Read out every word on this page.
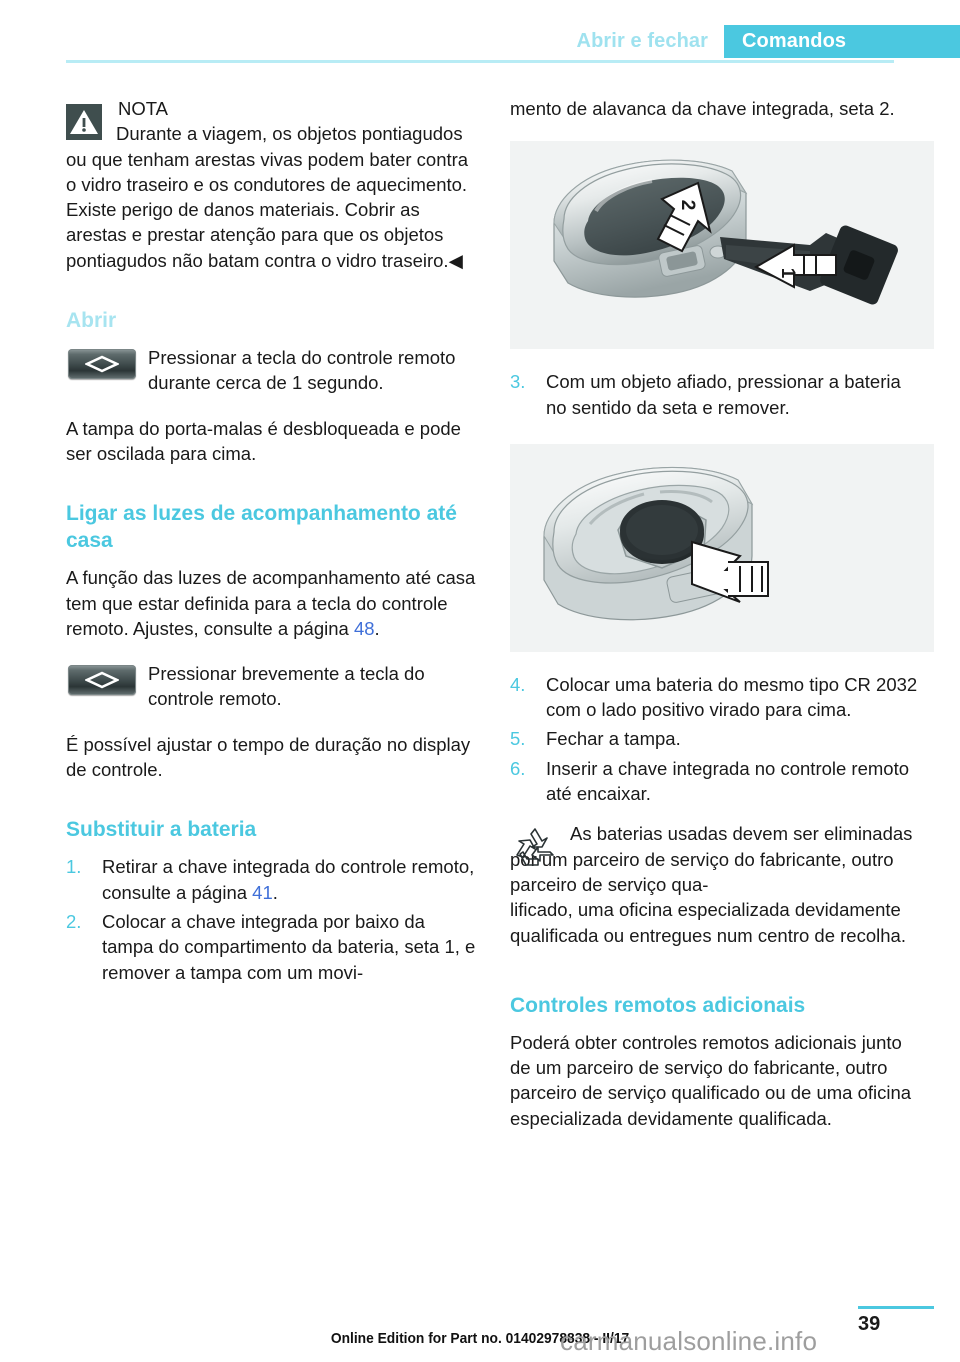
Abrir e fechar	Comandos

NOTA

Durante a viagem, os objetos pontiagudos ou que tenham arestas vivas podem bater contra o vidro traseiro e os condutores de aquecimento. Existe perigo de danos materiais. Cobrir as arestas e prestar atenção para que os objetos pontiagudos não batam contra o vidro traseiro.◀

Abrir

Pressionar a tecla do controle remoto durante cerca de 1 segundo.

A tampa do porta-malas é desbloqueada e pode ser oscilada para cima.

Ligar as luzes de acompanhamento até casa

A função das luzes de acompanhamento até casa tem que estar definida para a tecla do controle remoto. Ajustes, consulte a página 48.

Pressionar brevemente a tecla do controle remoto.

É possível ajustar o tempo de duração no display de controle.

Substituir a bateria
1. Retirar a chave integrada do controle remoto, consulte a página 41.
2. Colocar a chave integrada por baixo da tampa do compartimento da bateria, seta 1, e remover a tampa com um movi-

mento de alavanca da chave integrada, seta 2.

2
1
3. Com um objeto afiado, pressionar a bateria no sentido da seta e remover.
4. Colocar uma bateria do mesmo tipo CR 2032 com o lado positivo virado para cima.
5. Fechar a tampa.
6. Inserir a chave integrada no controle remoto até encaixar.

As baterias usadas devem ser eliminadas por um parceiro de serviço do fabricante, outro parceiro de serviço qua-

lificado, uma oficina especializada devidamente qualificada ou entregues num centro de recolha.

Controles remotos adicionais

Poderá obter controles remotos adicionais junto de um parceiro de serviço do fabricante, outro parceiro de serviço qualificado ou de uma oficina especializada devidamente qualificada.

39
Online Edition for Part no. 01402978838 - II/17
carmanualsonline.info
